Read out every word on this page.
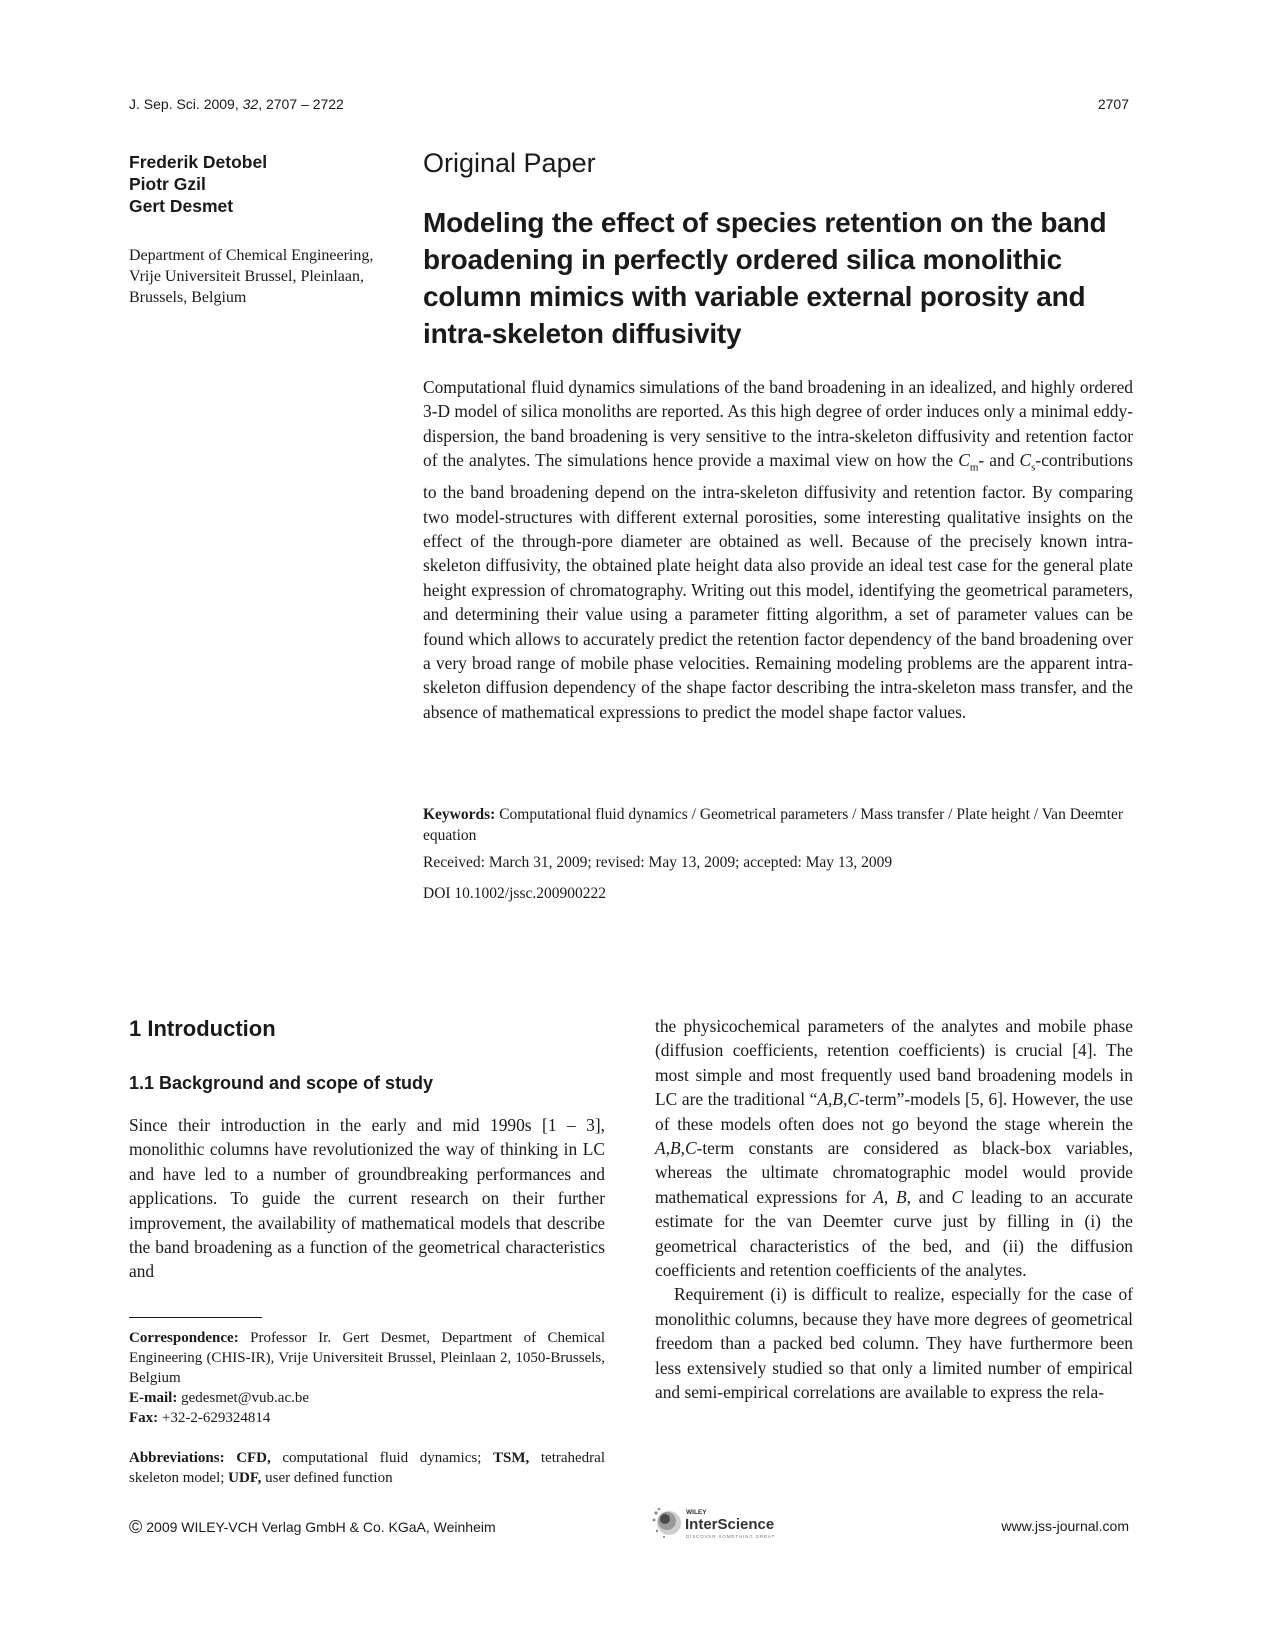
J. Sep. Sci. 2009, 32, 2707 – 2722	2707
Frederik Detobel
Piotr Gzil
Gert Desmet
Department of Chemical Engineering, Vrije Universiteit Brussel, Pleinlaan, Brussels, Belgium
Original Paper
Modeling the effect of species retention on the band broadening in perfectly ordered silica monolithic column mimics with variable external porosity and intra-skeleton diffusivity
Computational fluid dynamics simulations of the band broadening in an idealized, and highly ordered 3-D model of silica monoliths are reported. As this high degree of order induces only a minimal eddy-dispersion, the band broadening is very sensitive to the intra-skeleton diffusivity and retention factor of the analytes. The simulations hence provide a maximal view on how the $C_m-$ and $C_s$-contributions to the band broadening depend on the intra-skeleton diffusivity and retention factor. By comparing two model-structures with different external porosities, some interesting qualitative insights on the effect of the through-pore diameter are obtained as well. Because of the precisely known intra-skeleton diffusivity, the obtained plate height data also provide an ideal test case for the general plate height expression of chromatography. Writing out this model, identifying the geometrical parameters, and determining their value using a parameter fitting algorithm, a set of parameter values can be found which allows to accurately predict the retention factor dependency of the band broadening over a very broad range of mobile phase velocities. Remaining modeling problems are the apparent intra-skeleton diffusion dependency of the shape factor describing the intra-skeleton mass transfer, and the absence of mathematical expressions to predict the model shape factor values.
Keywords: Computational fluid dynamics / Geometrical parameters / Mass transfer / Plate height / Van Deemter equation
Received: March 31, 2009; revised: May 13, 2009; accepted: May 13, 2009
DOI 10.1002/jssc.200900222
1 Introduction
1.1 Background and scope of study
Since their introduction in the early and mid 1990s [1 – 3], monolithic columns have revolutionized the way of thinking in LC and have led to a number of groundbreaking performances and applications. To guide the current research on their further improvement, the availability of mathematical models that describe the band broadening as a function of the geometrical characteristics and

the physicochemical parameters of the analytes and mobile phase (diffusion coefficients, retention coefficients) is crucial [4]. The most simple and most frequently used band broadening models in LC are the traditional “A,B,C-term”-models [5, 6]. However, the use of these models often does not go beyond the stage wherein the A,B,C-term constants are considered as black-box variables, whereas the ultimate chromatographic model would provide mathematical expressions for A, B, and C leading to an accurate estimate for the van Deemter curve just by filling in (i) the geometrical characteristics of the bed, and (ii) the diffusion coefficients and retention coefficients of the analytes.

Requirement (i) is difficult to realize, especially for the case of monolithic columns, because they have more degrees of geometrical freedom than a packed bed column. They have furthermore been less extensively studied so that only a limited number of empirical and semi-empirical correlations are available to express the rela-

Correspondence: Professor Ir. Gert Desmet, Department of Chemical Engineering (CHIS-IR), Vrije Universiteit Brussel, Pleinlaan 2, 1050-Brussels, Belgium
E-mail: gedesmet@vub.ac.be
Fax: +32-2-629324814
Abbreviations: CFD, computational fluid dynamics; TSM, tetrahedral skeleton model; UDF, user defined function
© 2009 WILEY-VCH Verlag GmbH & Co. KGaA, Weinheim
WILEY
InterScience
DISCOVER SOMETHING GREAT
www.jss-journal.com
